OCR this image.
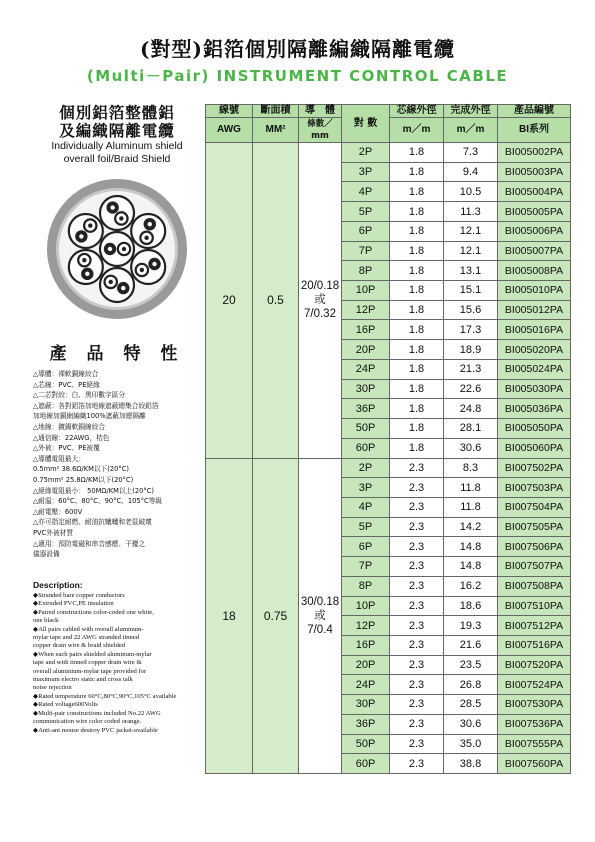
(對型)鋁箔個別隔離編織隔離電纜
(Multi－Pair) INSTRUMENT CONTROL CABLE
個別鋁箔整體鋁
及編織隔離電纜
Individually Aluminum shield
overall foil/Braid Shield
產 品 特 性
△導體：裸軟銅線絞合
△芯線：PVC、PE絕緣
△二芯對絞：白、黑印數字區分
△遮蔽：各對鋁箔加地線遮蔽總集合絞鋁箔
加地線加銅網編織100%遮蔽加總隔離
△地線：鍍錫軟銅線絞合
△通信線：22AWG，桔色
△外被：PVC、PE被覆
△導體電阻最大：
0.5mm² 38.6Ω/KM以下(20°C)
0.75mm² 25.8Ω/KM以下(20°C)
△絕緣電阻最小： 50MΩ/KM以上(20°C)
△耐溫：60°C、80°C、90°C、105°C等級
△耐電壓：600V
△亦可指定耐燃、耐油抗蟻蟻和老鼠破壞
PVC外被材質
△適用：預防電磁和串音感應、干擾之
儀器設備
Description:
◆Stranded bare copper conductors
◆Extruded PVC,PE insulation
◆Paired constructions color-coded one white,
one black
◆All pairs cabled with overall aluminum-
mylar tape and 22 AWG stranded tinned
copper drain wire & braid shielded
◆When each pairs shielded aluminum-mylar
tape and with tinned copper drain wire &
overall aluminium-mylar tape provided for
maximum electro static and cross talk
noise rejection
◆Rated temperature 60°C,80°C,90°C,105°C available
◆Rated voltage600Volts
◆Multi-pair constructions included No.22 AWG
communication wire color coded orange.
◆Anti-ant mouse destroy PVC jacket-available
線號	斷面積	導　體	對 數	芯線外徑	完成外徑	產品編號
AWG	MM²	條數／mm		m／m	m／m	BI系列
20	0.5	20/0.18
或
7/0.32	2P	1.8	7.3	BI005002PA
			3P	1.8	9.4	BI005003PA
			4P	1.8	10.5	BI005004PA
			5P	1.8	11.3	BI005005PA
			6P	1.8	12.1	BI005006PA
			7P	1.8	12.1	BI005007PA
			8P	1.8	13.1	BI005008PA
			10P	1.8	15.1	BI005010PA
			12P	1.8	15.6	BI005012PA
			16P	1.8	17.3	BI005016PA
			20P	1.8	18.9	BI005020PA
			24P	1.8	21.3	BI005024PA
			30P	1.8	22.6	BI005030PA
			36P	1.8	24.8	BI005036PA
			50P	1.8	28.1	BI005050PA
			60P	1.8	30.6	BI005060PA
18	0.75	30/0.18
或
7/0.4	2P	2.3	8.3	BI007502PA
			3P	2.3	11.8	BI007503PA
			4P	2.3	11.8	BI007504PA
			5P	2.3	14.2	BI007505PA
			6P	2.3	14.8	BI007506PA
			7P	2.3	14.8	BI007507PA
			8P	2.3	16.2	BI007508PA
			10P	2.3	18.6	BI007510PA
			12P	2.3	19.3	BI007512PA
			16P	2.3	21.6	BI007516PA
			20P	2.3	23.5	BI007520PA
			24P	2.3	26.8	BI007524PA
			30P	2.3	28.5	BI007530PA
			36P	2.3	30.6	BI007536PA
			50P	2.3	35.0	BI007555PA
			60P	2.3	38.8	BI007560PA
